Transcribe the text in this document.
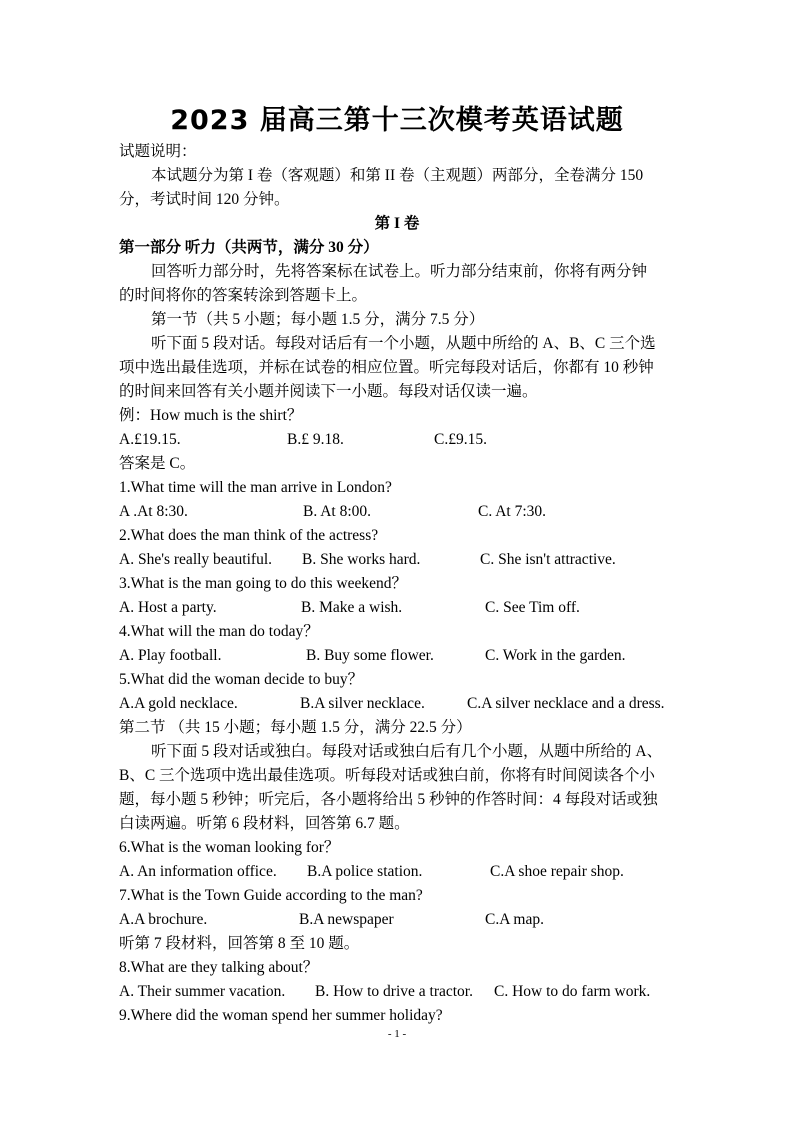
2023 届高三第十三次模考英语试题
试题说明：
本试题分为第 I 卷（客观题）和第 II 卷（主观题）两部分，全卷满分 150
分，考试时间 120 分钟。
第 I 卷
第一部分 听力（共两节，满分 30 分）
回答听力部分时，先将答案标在试卷上。听力部分结束前，你将有两分钟
的时间将你的答案转涂到答题卡上。
第一节（共 5 小题；每小题 1.5 分，满分 7.5 分）
听下面 5 段对话。每段对话后有一个小题，从题中所给的 A、B、C 三个选
项中选出最佳选项，并标在试卷的相应位置。听完每段对话后，你都有 10 秒钟
的时间来回答有关小题并阅读下一小题。每段对话仅读一遍。
例：How much is the shirt？
A.£19.15.	B.£ 9.18.	C.£9.15.
答案是 C。
1.What time will the man arrive in London?
A .At 8:30.	B. At 8:00.	C. At 7:30.
2.What does the man think of the actress?
A. She's really beautiful. B. She works hard.	C. She isn't attractive.
3.What is the man going to do this weekend？
A. Host a party.	B. Make a wish.	C. See Tim off.
4.What will the man do today？
A. Play football.	B. Buy some flower.	C. Work in the garden.
5.What did the woman decide to buy？
A.A gold necklace.	B.A silver necklace.	C.A silver necklace and a dress.
第二节 （共 15 小题；每小题 1.5 分，满分 22.5 分）
听下面 5 段对话或独白。每段对话或独白后有几个小题，从题中所给的 A、
B、C 三个选项中选出最佳选项。听每段对话或独白前，你将有时间阅读各个小
题，每小题 5 秒钟；听完后，各小题将给出 5 秒钟的作答时间：4 每段对话或独
白读两遍。听第 6 段材料，回答第 6.7 题。
6.What is the woman looking for？
A. An information office. B.A police station.	C.A shoe repair shop.
7.What is the Town Guide according to the man?
A.A brochure.	B.A newspaper	C.A map.
听第 7 段材料，回答第 8 至 10 题。
8.What are they talking about？
A. Their summer vacation. B. How to drive a tractor. C. How to do farm work.
9.Where did the woman spend her summer holiday?
- 1 -
